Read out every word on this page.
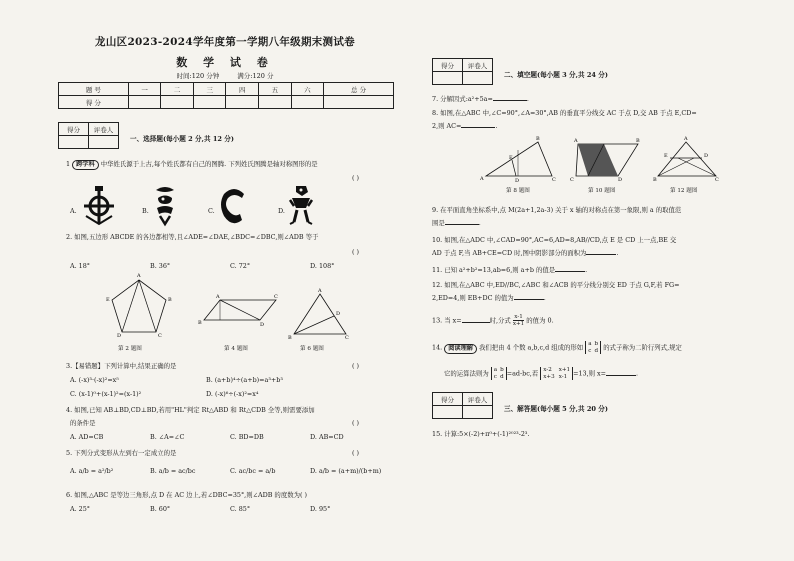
龙山区2023-2024学年度第一学期八年级期末测试卷
数 学 试 卷
时间:120 分钟	满分:120 分
题 号	一	二	三	四	五	六	总 分
得 分							
得分	评卷人

一、选择题(每小题 2 分,共 12 分)
1 跨学科 中华姓氏源于上古,每个姓氏都有自己的图腾. 下列姓氏图腾是轴对称图形的是
( )
A.	B.	C.	D.
2. 如图,五边形 ABCDE 的各边都相等,且∠ADE=∠DAE,∠BDC=∠DBC,则∠ADB 等于
( )
A. 18°	B. 36°	C. 72°	D. 108°
A
B
C
D
E
第 2 题图
A	C
B	D
第 4 题图
A
D
B	C
第 6 题图
3.【易错题】下列计算中,结果正确的是	( )
A. (-x)³·(-x)²=x⁵	B. (a+b)⁴÷(a+b)=a³+b³
C. (x-1)⁰+(x-1)²=(x-1)²	D. (-x)⁶÷(-x)²=x⁴
4. 如图,已知 AB⊥BD,CD⊥BD,若用"HL"判定 Rt△ABD 和 Rt△CDB 全等,则需要添加
的条件是	( )
A. AD=CB	B. ∠A=∠C	C. BD=DB	D. AB=CD
5. 下列分式变形从左到右一定成立的是	( )
A. a/b = a²/b²	B. a/b = ac/bc	C. ac/bc = a/b	D. a/b = (a+m)/(b+m)
6. 如图,△ABC 是等边三角形,点 D 在 AC 边上,若∠DBC=35°,则∠ADB 的度数为( )
A. 25°	B. 60°	C. 85°	D. 95°
得分	评卷人

二、填空题(每小题 3 分,共 24 分)
7. 分解因式:a²+5a=	.
8. 如图,在△ABC 中,∠C=90°,∠A=30°,AB 的垂直平分线交 AC 于点 D,交 AB 于点 E,CD=
2,则 AC=	.
B
A	D	C
E
第 8 题图
A	B
C	D
第 10 题图
A
E	D
B	C
第 12 题图
9. 在平面直角坐标系中,点 M(2a+1,2a-3) 关于 x 轴的对称点在第一象限,则 a 的取值范
围是	.
10. 如图,在△ADC 中,∠CAD=90°,AC=6,AD=8,AB//CD,点 E 是 CD 上一点,BE 交
AD 于点 F,当 AB+CE=CD 时,图中阴影部分的面积为	.
11. 已知 a²+b²=13,ab=6,则 a+b 的值是	.
12. 如图,在△ABC 中,ED//BC,∠ABC 和∠ACB 的平分线分别交 ED 于点 G,F,若 FG=
2,ED=4,则 EB+DC 的值为	.
13. 当 x=	时,分式 $\frac{x-1}{x+1}$ 的值为 0.
14. 阅读理解 我们把由 4 个数 a,b,c,d 组成的形如 a b
c d 的式子称为二阶行列式,规定
它的运算法则为 a b
c d =ad-bc,若 x-2	x+1
x+3 x-1 =13,则 x=	.
得分	评卷人

三、解答题(每小题 5 分,共 20 分)
15. 计算:5×(-2)+π⁰+(-1)²⁰²³-2³.
